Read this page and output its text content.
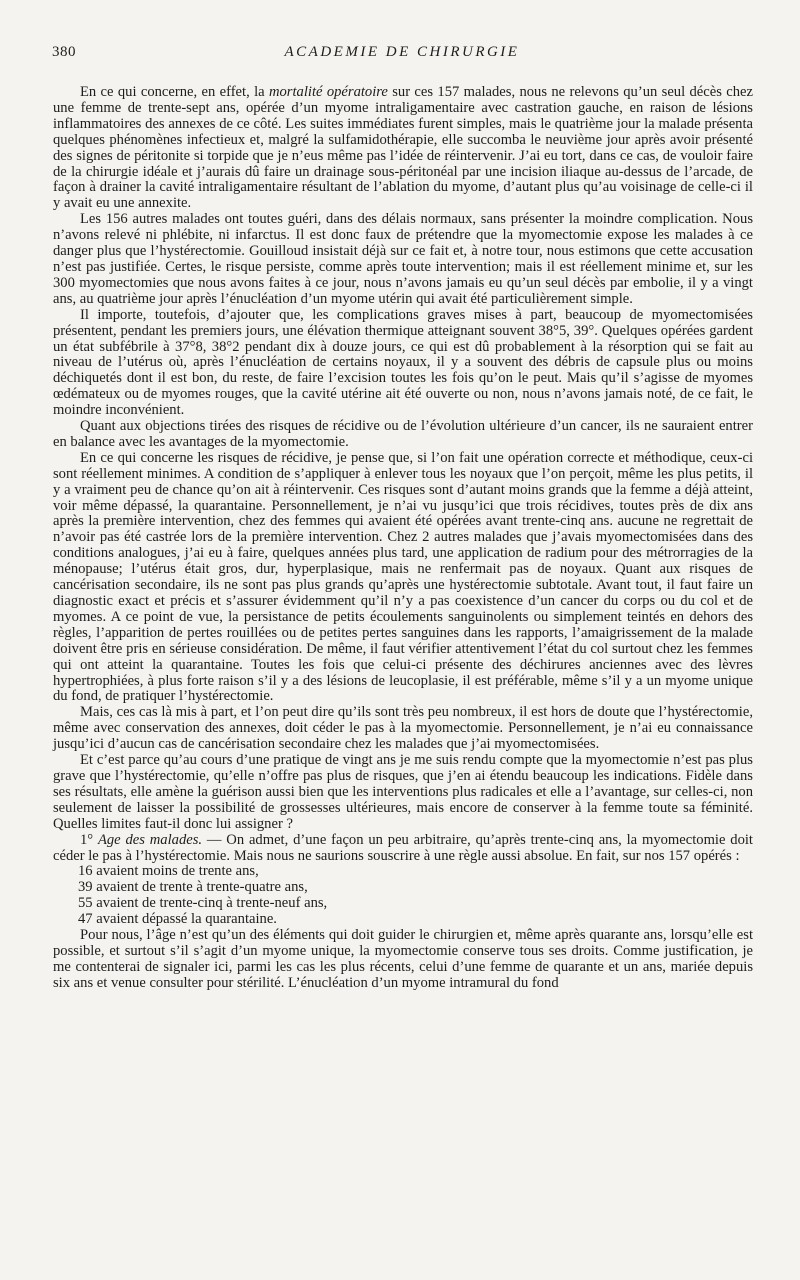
380	ACADEMIE DE CHIRURGIE

En ce qui concerne, en effet, la mortalité opératoire sur ces 157 malades, nous ne relevons qu’un seul décès chez une femme de trente-sept ans, opérée d’un myome intraligamentaire avec castration gauche, en raison de lésions inflammatoires des annexes de ce côté. Les suites immédiates furent simples, mais le quatrième jour la malade présenta quelques phénomènes infectieux et, malgré la sulfamidothérapie, elle succomba le neuvième jour après avoir présenté des signes de péritonite si torpide que je n’eus même pas l’idée de réintervenir. J’ai eu tort, dans ce cas, de vouloir faire de la chirurgie idéale et j’aurais dû faire un drainage sous-péritonéal par une incision iliaque au-dessus de l’arcade, de façon à drainer la cavité intraligamentaire résultant de l’ablation du myome, d’autant plus qu’au voisinage de celle-ci il y avait eu une annexite.

Les 156 autres malades ont toutes guéri, dans des délais normaux, sans présenter la moindre complication. Nous n’avons relevé ni phlébite, ni infarctus. Il est donc faux de prétendre que la myomectomie expose les malades à ce danger plus que l’hystérectomie. Gouilloud insistait déjà sur ce fait et, à notre tour, nous estimons que cette accusation n’est pas justifiée. Certes, le risque persiste, comme après toute intervention; mais il est réellement minime et, sur les 300 myomectomies que nous avons faites à ce jour, nous n’avons jamais eu qu’un seul décès par embolie, il y a vingt ans, au quatrième jour après l’énucléation d’un myome utérin qui avait été particulièrement simple.

Il importe, toutefois, d’ajouter que, les complications graves mises à part, beaucoup de myomectomisées présentent, pendant les premiers jours, une élévation thermique atteignant souvent 38°5, 39°. Quelques opérées gardent un état subfébrile à 37°8, 38°2 pendant dix à douze jours, ce qui est dû probablement à la résorption qui se fait au niveau de l’utérus où, après l’énucléation de certains noyaux, il y a souvent des débris de capsule plus ou moins déchiquetés dont il est bon, du reste, de faire l’excision toutes les fois qu’on le peut. Mais qu’il s’agisse de myomes œdémateux ou de myomes rouges, que la cavité utérine ait été ouverte ou non, nous n’avons jamais noté, de ce fait, le moindre inconvénient.

Quant aux objections tirées des risques de récidive ou de l’évolution ultérieure d’un cancer, ils ne sauraient entrer en balance avec les avantages de la myomectomie.

En ce qui concerne les risques de récidive, je pense que, si l’on fait une opération correcte et méthodique, ceux-ci sont réellement minimes. A condition de s’appliquer à enlever tous les noyaux que l’on perçoit, même les plus petits, il y a vraiment peu de chance qu’on ait à réintervenir. Ces risques sont d’autant moins grands que la femme a déjà atteint, voir même dépassé, la quarantaine. Personnellement, je n’ai vu jusqu’ici que trois récidives, toutes près de dix ans après la première intervention, chez des femmes qui avaient été opérées avant trente-cinq ans. aucune ne regrettait de n’avoir pas été castrée lors de la première intervention. Chez 2 autres malades que j’avais myomectomisées dans des conditions analogues, j’ai eu à faire, quelques années plus tard, une application de radium pour des métrorragies de la ménopause; l’utérus était gros, dur, hyperplasique, mais ne renfermait pas de noyaux. Quant aux risques de cancérisation secondaire, ils ne sont pas plus grands qu’après une hystérectomie subtotale. Avant tout, il faut faire un diagnostic exact et précis et s’assurer évidemment qu’il n’y a pas coexistence d’un cancer du corps ou du col et de myomes. A ce point de vue, la persistance de petits écoulements sanguinolents ou simplement teintés en dehors des règles, l’apparition de pertes rouillées ou de petites pertes sanguines dans les rapports, l’amaigrissement de la malade doivent être pris en sérieuse considération. De même, il faut vérifier attentivement l’état du col surtout chez les femmes qui ont atteint la quarantaine. Toutes les fois que celui-ci présente des déchirures anciennes avec des lèvres hypertrophiées, à plus forte raison s’il y a des lésions de leucoplasie, il est préférable, même s’il y a un myome unique du fond, de pratiquer l’hystérectomie.

Mais, ces cas là mis à part, et l’on peut dire qu’ils sont très peu nombreux, il est hors de doute que l’hystérectomie, même avec conservation des annexes, doit céder le pas à la myomectomie. Personnellement, je n’ai eu connaissance jusqu’ici d’aucun cas de cancérisation secondaire chez les malades que j’ai myomectomisées.

Et c’est parce qu’au cours d’une pratique de vingt ans je me suis rendu compte que la myomectomie n’est pas plus grave que l’hystérectomie, qu’elle n’offre pas plus de risques, que j’en ai étendu beaucoup les indications. Fidèle dans ses résultats, elle amène la guérison aussi bien que les interventions plus radicales et elle a l’avantage, sur celles-ci, non seulement de laisser la possibilité de grossesses ultérieures, mais encore de conserver à la femme toute sa féminité. Quelles limites faut-il donc lui assigner ?

1° Age des malades. — On admet, d’une façon un peu arbitraire, qu’après trente-cinq ans, la myomectomie doit céder le pas à l’hystérectomie. Mais nous ne saurions souscrire à une règle aussi absolue. En fait, sur nos 157 opérés :

16 avaient moins de trente ans,

39 avaient de trente à trente-quatre ans,

55 avaient de trente-cinq à trente-neuf ans,

47 avaient dépassé la quarantaine.

Pour nous, l’âge n’est qu’un des éléments qui doit guider le chirurgien et, même après quarante ans, lorsqu’elle est possible, et surtout s’il s’agit d’un myome unique, la myomectomie conserve tous ses droits. Comme justification, je me contenterai de signaler ici, parmi les cas les plus récents, celui d’une femme de quarante et un ans, mariée depuis six ans et venue consulter pour stérilité. L’énucléation d’un myome intramural du fond
